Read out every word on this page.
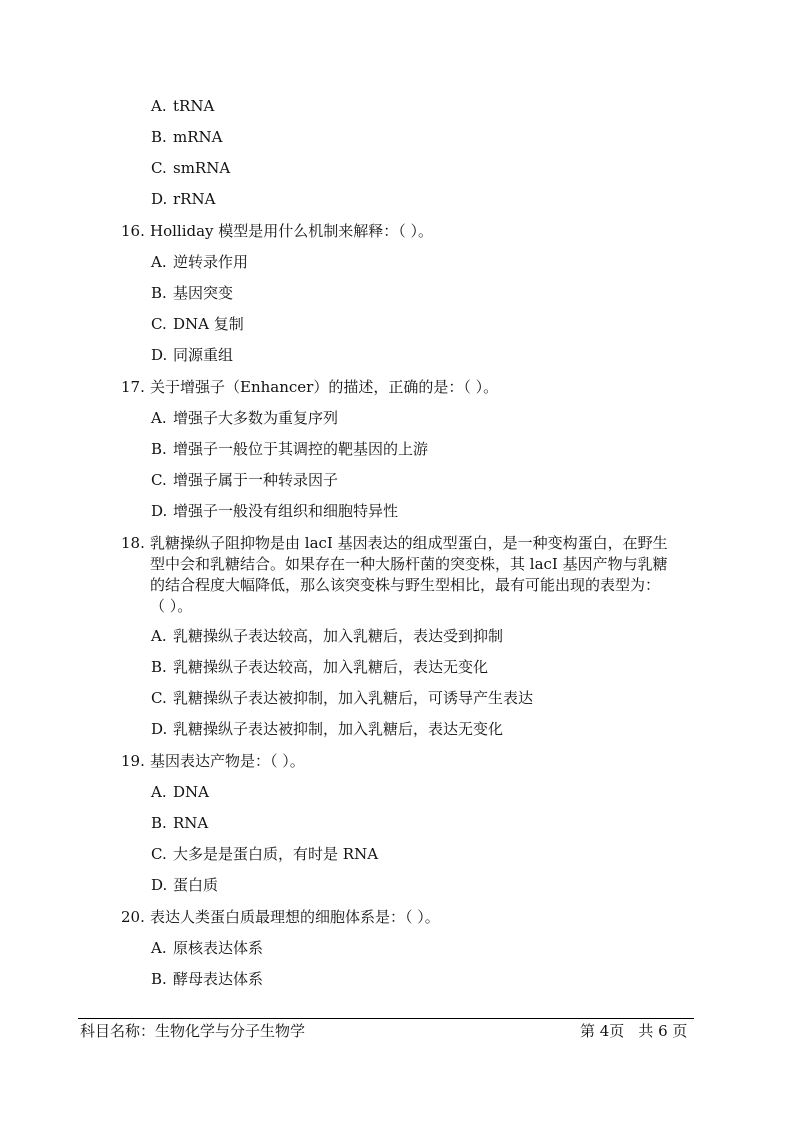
A. tRNA
B. mRNA
C. smRNA
D. rRNA
16. Holliday 模型是用什么机制来解释：（ ）。
A. 逆转录作用
B. 基因突变
C. DNA 复制
D. 同源重组
17. 关于增强子（Enhancer）的描述，正确的是：（ ）。
A. 增强子大多数为重复序列
B. 增强子一般位于其调控的靶基因的上游
C. 增强子属于一种转录因子
D. 增强子一般没有组织和细胞特异性
18. 乳糖操纵子阻抑物是由 lacI 基因表达的组成型蛋白，是一种变构蛋白，在野生
型中会和乳糖结合。如果存在一种大肠杆菌的突变株，其 lacI 基因产物与乳糖
的结合程度大幅降低，那么该突变株与野生型相比，最有可能出现的表型为：
（ ）。
A. 乳糖操纵子表达较高，加入乳糖后，表达受到抑制
B. 乳糖操纵子表达较高，加入乳糖后，表达无变化
C. 乳糖操纵子表达被抑制，加入乳糖后，可诱导产生表达
D. 乳糖操纵子表达被抑制，加入乳糖后，表达无变化
19. 基因表达产物是：（ ）。
A. DNA
B. RNA
C. 大多是是蛋白质，有时是 RNA
D. 蛋白质
20. 表达人类蛋白质最理想的细胞体系是：（ ）。
A. 原核表达体系
B. 酵母表达体系
科目名称：生物化学与分子生物学	第 4页 共 6 页
